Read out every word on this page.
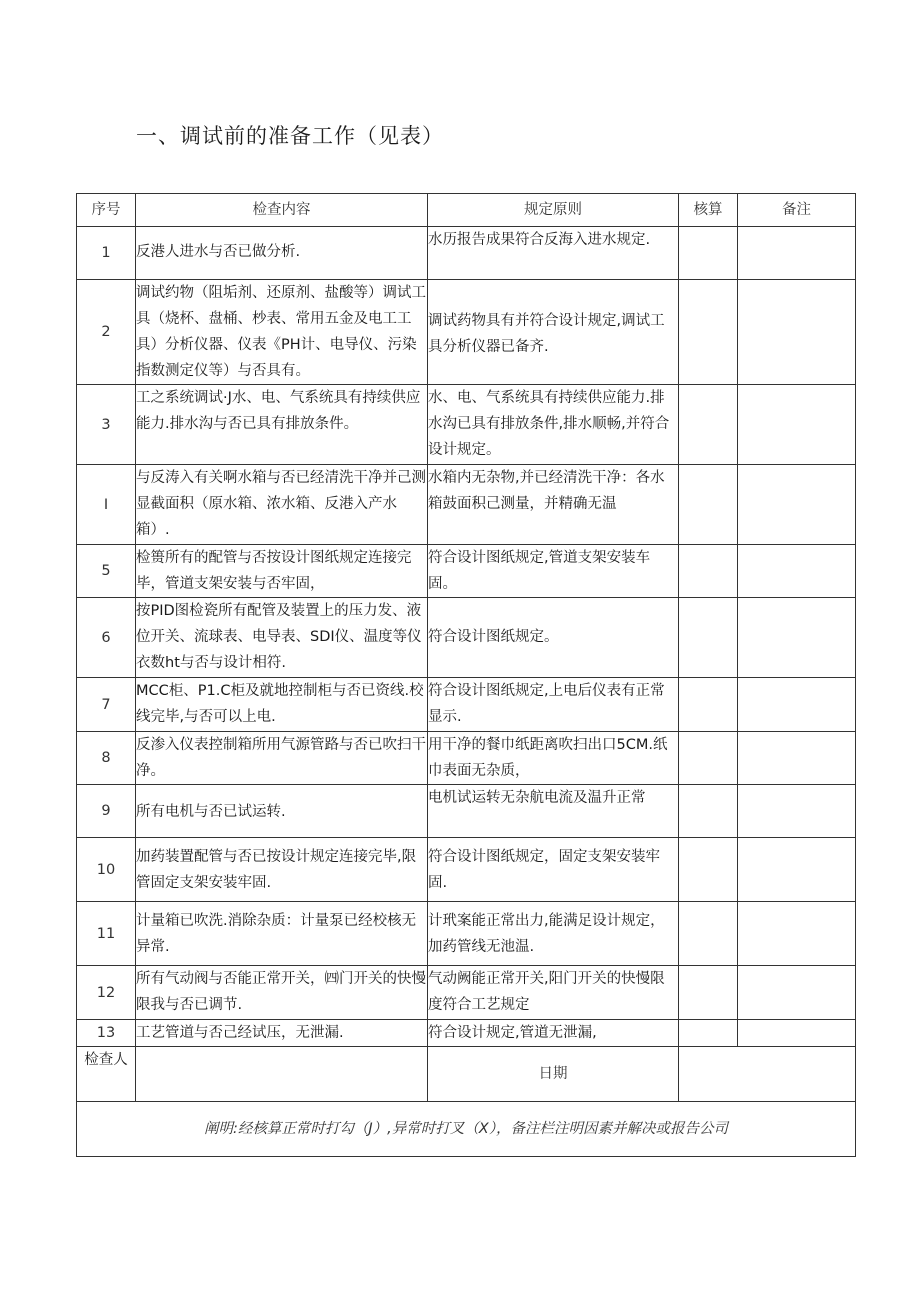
一、调试前的准备工作（见表）
序号	检查内容	规定原则	核算	备注
1	反港人进水与否已做分析.	水历报告成果符合反海入进水规定.		

2	调试约物（阻垢剂、还原剂、盐酸等）调试工具（烧杯、盘桶、杪表、常用五金及电工工具）分析仪器、仪表《PH计、电导仪、污染指数测定仪等）与否具有。	调试药物具有并符合设计规定,调试工具分析仪器已备齐.		

3	工之系统调试·J水、电、气系统具有持续供应能力.排水沟与否已具有排放条件。	水、电、气系统具有持续供应能力.排水沟已具有排放条件,排水顺畅,并符合设计规定。		

I	与反涛入有关啊水箱与否已经清洗干净并己测显截面积（原水箱、浓水箱、反港入产水箱）.	水箱内无杂物,并已经清洗干净：各水箱鼓面积己测量，并精确无温		

5	检篑所有的配管与否按设计图纸规定连接完毕，管道支架安装与否牢固，	符合设计图纸规定,管道支架安装车固。		

6	按PID图检瓷所有配管及装置上的压力发、液位开关、流球表、电导表、SDI仪、温度等仪衣数ht与否与设计相符.	符合设计图纸规定。		

7	MCC柜、P1.C柜及就地控制柜与否已资线.校线完毕,与否可以上电.	符合设计图纸规定,上电后仪表有正常显示.		

8	反渗入仪表控制箱所用气源管路与否已吹扫干净。	用干净的餐巾纸距离吹扫出口5CM.纸巾表面无杂质，		

9	所有电机与否已试运转.	电机试运转无杂航电流及温升正常		

10	加药装置配管与否已按设计规定连接完毕,限管固定支架安装牢固.	符合设计图纸规定，固定支架安装牢固.		

11	计量箱已吹洗.消除杂质：计量泵已经校核无异常.	计玳案能正常出力,能满足设计规定，加药管线无池温.		

12	所有气动阀与否能正常开关，㈣门开关的快慢限我与否已调节.	气动阙能正常开关,阳门开关的快慢限度符合工艺规定		

13	工艺管道与否己经试压，无泄漏.	符合设计规定,管道无泄漏,		

检查人		日期		
阐明:经核算正常时打勾（J）,异常时打叉（X），备注栏注明因素并解决或报告公司				
